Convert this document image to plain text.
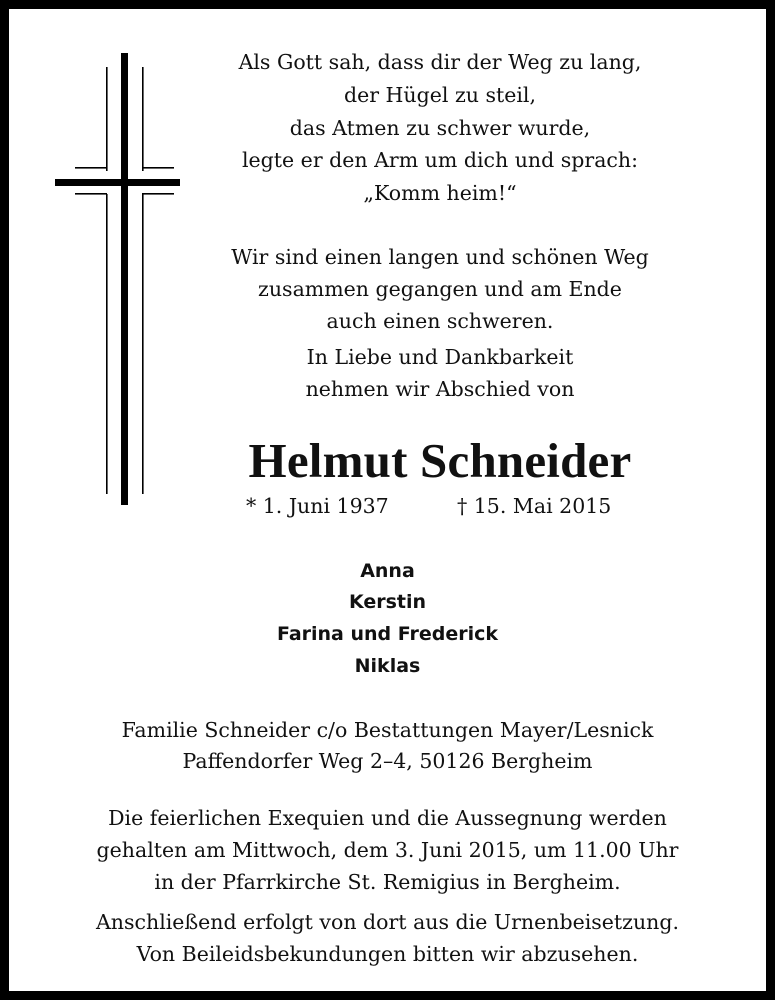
Als Gott sah, dass dir der Weg zu lang,
der Hügel zu steil,
das Atmen zu schwer wurde,
legte er den Arm um dich und sprach:
„Komm heim!“
Wir sind einen langen und schönen Weg
zusammen gegangen und am Ende
auch einen schweren.
In Liebe und Dankbarkeit
nehmen wir Abschied von
Helmut Schneider
* 1. Juni 1937	† 15. Mai 2015
Anna
Kerstin
Farina und Frederick
Niklas
Familie Schneider c/o Bestattungen Mayer/Lesnick
Paffendorfer Weg 2–4, 50126 Bergheim
Die feierlichen Exequien und die Aussegnung werden
gehalten am Mittwoch, dem 3. Juni 2015, um 11.00 Uhr
in der Pfarrkirche St. Remigius in Bergheim.
Anschließend erfolgt von dort aus die Urnenbeisetzung.
Von Beileidsbekundungen bitten wir abzusehen.
